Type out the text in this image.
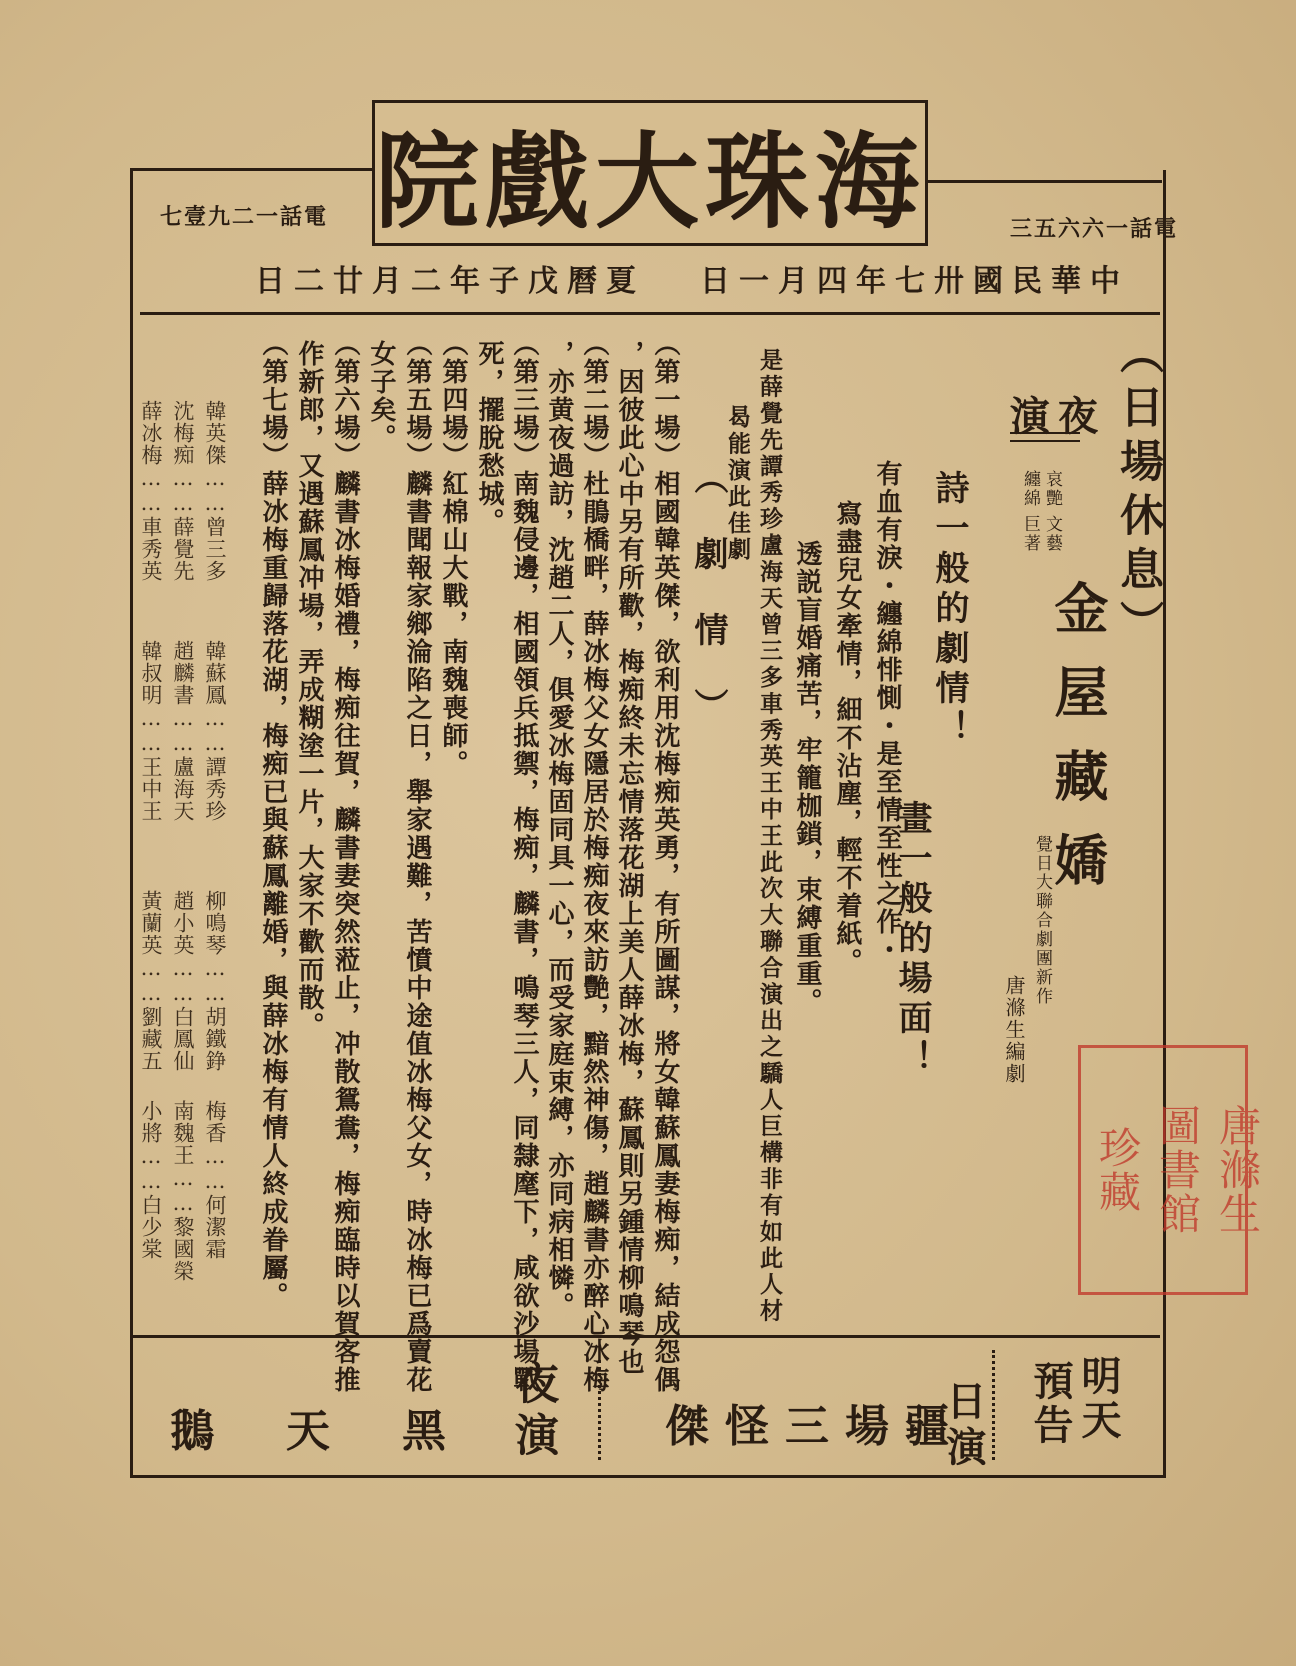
海珠大戲院
電話一二九壹七	電話一六六五三
中華民國卅七年四月一日
夏曆戊子年二月廿二日
（日場休息）
夜演
哀艷
纏綿
文藝
巨著
金屋藏嬌
覺日大聯合劇團新作
唐滌生編劇
詩一般的劇情！
畫一般的場面！
有血有淚・纏綿悱惻・是至情至性之作・
寫盡兒女牽情，細不沾塵，輕不着紙。
透説盲婚痛苦，牢籠枷鎖，束縛重重。
是薛覺先譚秀珍盧海天曾三多車秀英王中王此次大聯合演出之驕人巨構非有如此人材
曷能演此佳劇
（劇情）
（第一場）相國韓英傑，欲利用沈梅痴英勇，有所圖謀，將女韓蘇鳳妻梅痴，結成怨偶
，因彼此心中另有所歡，梅痴終未忘情落花湖上美人薛冰梅，蘇鳳則另鍾情柳鳴琴也
（第二場）杜鵑橋畔，薛冰梅父女隱居於梅痴夜來訪艷，黯然神傷，趙麟書亦醉心冰梅
，亦黄夜過訪，沈趙二人，俱愛冰梅固同具一心，而受家庭束縛，亦同病相憐。
（第三場）南魏侵邊，相國領兵抵禦，梅痴，麟書，鳴琴三人，同隸麾下，咸欲沙場戰
死，擺脫愁城。
（第四場）紅棉山大戰，南魏喪師。
（第五場）麟書聞報家鄉淪陷之日，舉家遇難，苦憤中途值冰梅父女，時冰梅已爲賣花
女子矣。
（第六場）麟書冰梅婚禮，梅痴往賀，麟書妻突然蒞止，冲散鴛鴦，梅痴臨時以賀客推
作新郎，又遇蘇鳳冲場，弄成糊塗一片，大家不歡而散。
（第七場）薛冰梅重歸落花湖，梅痴已與蘇鳳離婚，與薛冰梅有情人終成眷屬。
韓英傑……曾三多
沈梅痴……薛覺先
薛冰梅……車秀英
韓蘇鳳……譚秀珍
趙麟書……盧海天
韓叔明……王中王
柳鳴琴……胡鐵錚
趙小英……白鳳仙
黃蘭英……劉藏五
梅香……何潔霜
南魏王……黎國榮
小將……白少棠	唐滌生
圖書館
珍藏
明天
預告
日演
疆場三怪傑
夜演
黑天鵝
